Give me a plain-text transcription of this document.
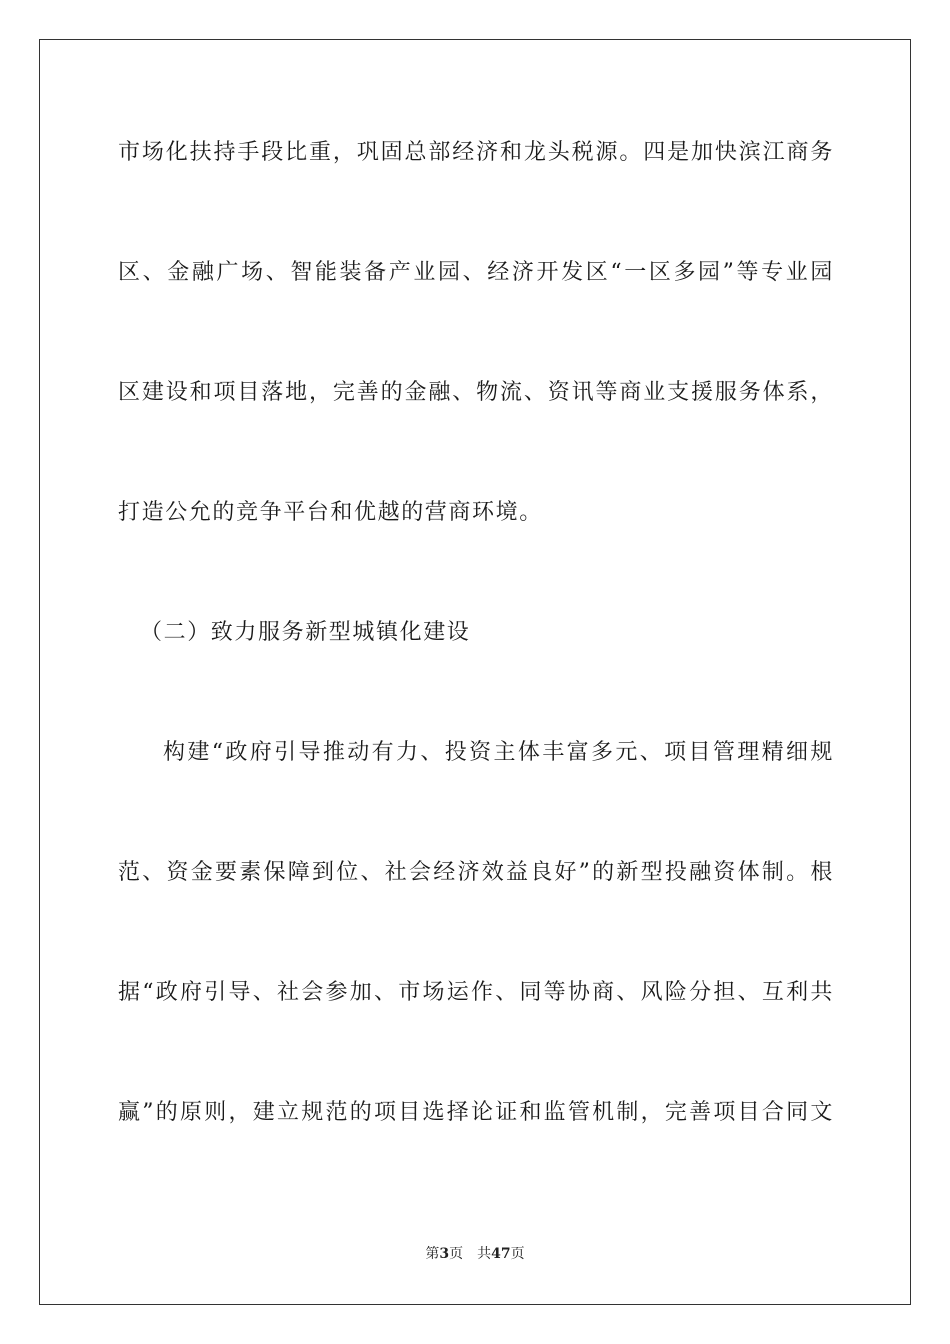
市场化扶持手段比重，巩固总部经济和龙头税源。四是加快滨江商务
区、金融广场、智能装备产业园、经济开发区“一区多园”等专业园
区建设和项目落地，完善的金融、物流、资讯等商业支援服务体系，
打造公允的竞争平台和优越的营商环境。
（二）致力服务新型城镇化建设
构建“政府引导推动有力、投资主体丰富多元、项目管理精细规
范、资金要素保障到位、社会经济效益良好”的新型投融资体制。根
据“政府引导、社会参加、市场运作、同等协商、风险分担、互利共
赢”的原则，建立规范的项目选择论证和监管机制，完善项目合同文
第3页 共47页
